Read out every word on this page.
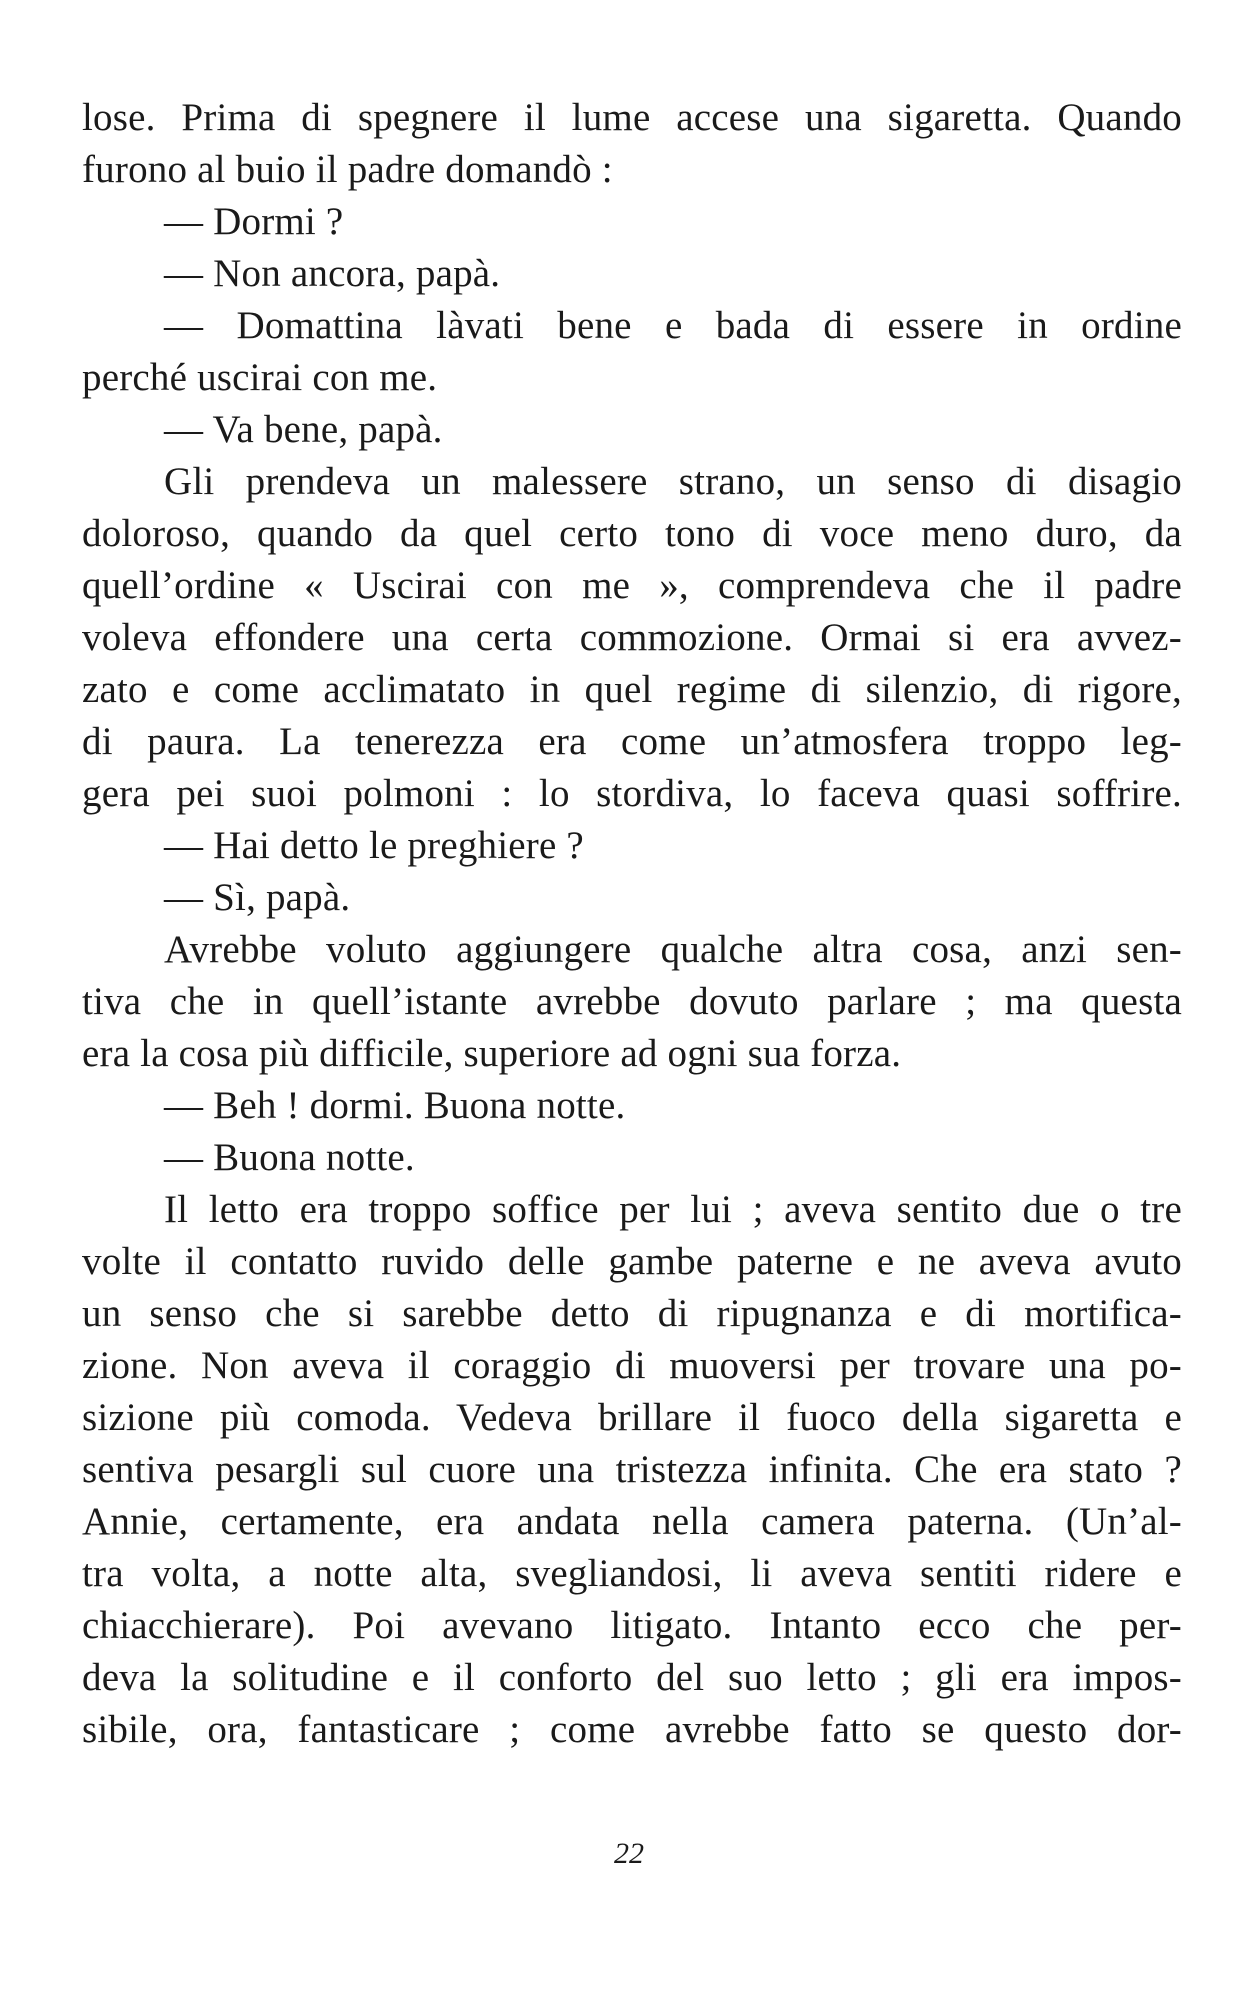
lose. Prima di spegnere il lume accese una sigaretta. Quando
furono al buio il padre domandò :
— Dormi ?
— Non ancora, papà.
— Domattina làvati bene e bada di essere in ordine
perché uscirai con me.
— Va bene, papà.
Gli prendeva un malessere strano, un senso di disagio
doloroso, quando da quel certo tono di voce meno duro, da
quell’ordine « Uscirai con me », comprendeva che il padre
voleva effondere una certa commozione. Ormai si era avvez-
zato e come acclimatato in quel regime di silenzio, di rigore,
di paura. La tenerezza era come un’atmosfera troppo leg-
gera pei suoi polmoni : lo stordiva, lo faceva quasi soffrire.
— Hai detto le preghiere ?
— Sì, papà.
Avrebbe voluto aggiungere qualche altra cosa, anzi sen-
tiva che in quell’istante avrebbe dovuto parlare ; ma questa
era la cosa più difficile, superiore ad ogni sua forza.
— Beh ! dormi. Buona notte.
— Buona notte.
Il letto era troppo soffice per lui ; aveva sentito due o tre
volte il contatto ruvido delle gambe paterne e ne aveva avuto
un senso che si sarebbe detto di ripugnanza e di mortifica-
zione. Non aveva il coraggio di muoversi per trovare una po-
sizione più comoda. Vedeva brillare il fuoco della sigaretta e
sentiva pesargli sul cuore una tristezza infinita. Che era stato ?
Annie, certamente, era andata nella camera paterna. (Un’al-
tra volta, a notte alta, svegliandosi, li aveva sentiti ridere e
chiacchierare). Poi avevano litigato. Intanto ecco che per-
deva la solitudine e il conforto del suo letto ; gli era impos-
sibile, ora, fantasticare ; come avrebbe fatto se questo dor-
22
